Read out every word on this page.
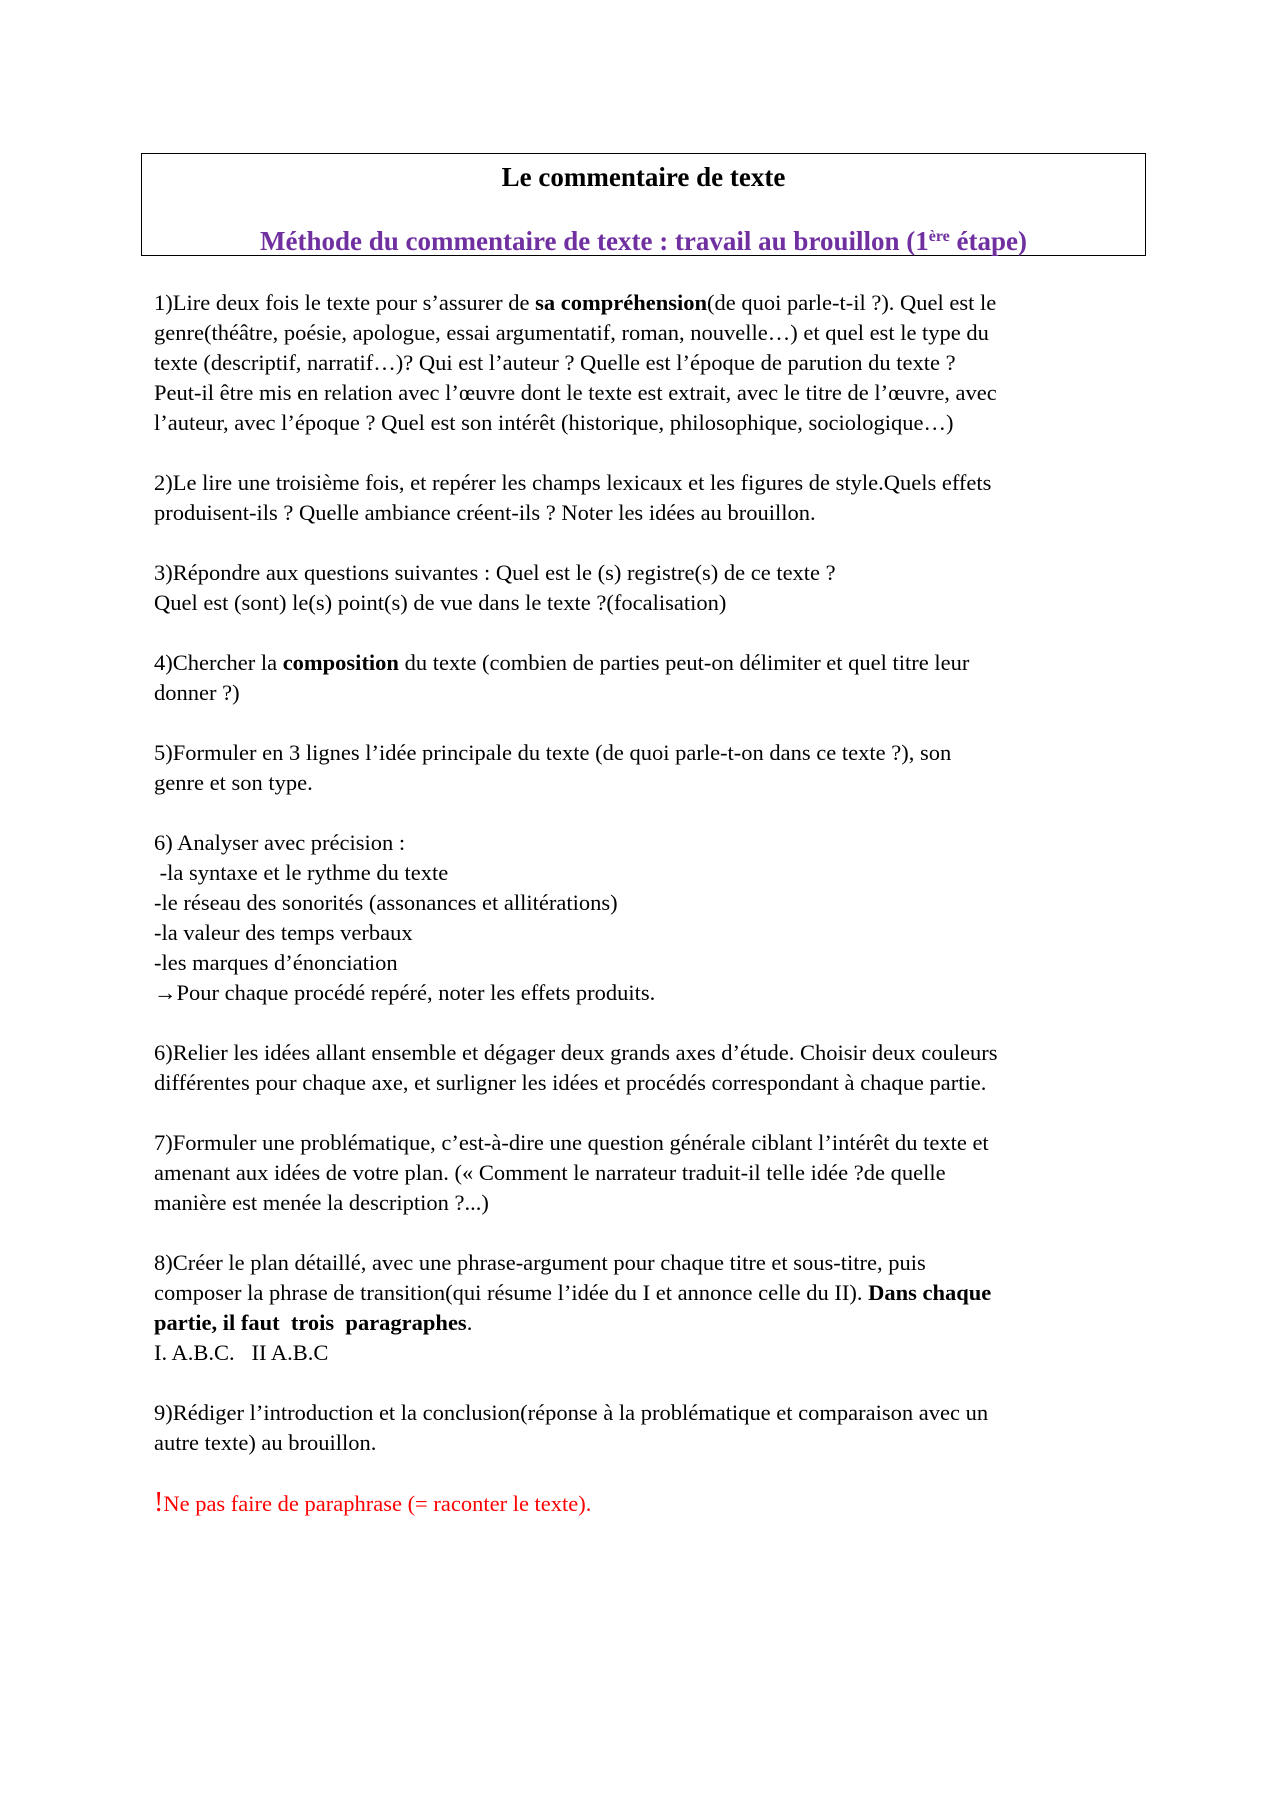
Le commentaire de texte
Méthode du commentaire de texte : travail au brouillon (1ère étape)
1)Lire deux fois le texte pour s’assurer de sa compréhension(de quoi parle-t-il ?). Quel est le
genre(théâtre, poésie, apologue, essai argumentatif, roman, nouvelle…) et quel est le type du
texte (descriptif, narratif…)? Qui est l’auteur ? Quelle est l’époque de parution du texte ?
Peut-il être mis en relation avec l’œuvre dont le texte est extrait, avec le titre de l’œuvre, avec
l’auteur, avec l’époque ? Quel est son intérêt (historique, philosophique, sociologique…)
2)Le lire une troisième fois, et repérer les champs lexicaux et les figures de style.Quels effets
produisent-ils ? Quelle ambiance créent-ils ? Noter les idées au brouillon.
3)Répondre aux questions suivantes : Quel est le (s) registre(s) de ce texte ?
Quel est (sont) le(s) point(s) de vue dans le texte ?(focalisation)
4)Chercher la composition du texte (combien de parties peut-on délimiter et quel titre leur
donner ?)
5)Formuler en 3 lignes l’idée principale du texte (de quoi parle-t-on dans ce texte ?), son
genre et son type.
6) Analyser avec précision :
-la syntaxe et le rythme du texte
-le réseau des sonorités (assonances et allitérations)
-la valeur des temps verbaux
-les marques d’énonciation
→Pour chaque procédé repéré, noter les effets produits.
6)Relier les idées allant ensemble et dégager deux grands axes d’étude. Choisir deux couleurs
différentes pour chaque axe, et surligner les idées et procédés correspondant à chaque partie.
7)Formuler une problématique, c’est-à-dire une question générale ciblant l’intérêt du texte et
amenant aux idées de votre plan. (« Comment le narrateur traduit-il telle idée ?de quelle
manière est menée la description ?...)
8)Créer le plan détaillé, avec une phrase-argument pour chaque titre et sous-titre, puis
composer la phrase de transition(qui résume l’idée du I et annonce celle du II). Dans chaque
partie, il faut  trois  paragraphes.
I. A.B.C.   II A.B.C
9)Rédiger l’introduction et la conclusion(réponse à la problématique et comparaison avec un
autre texte) au brouillon.
!Ne pas faire de paraphrase (= raconter le texte).
